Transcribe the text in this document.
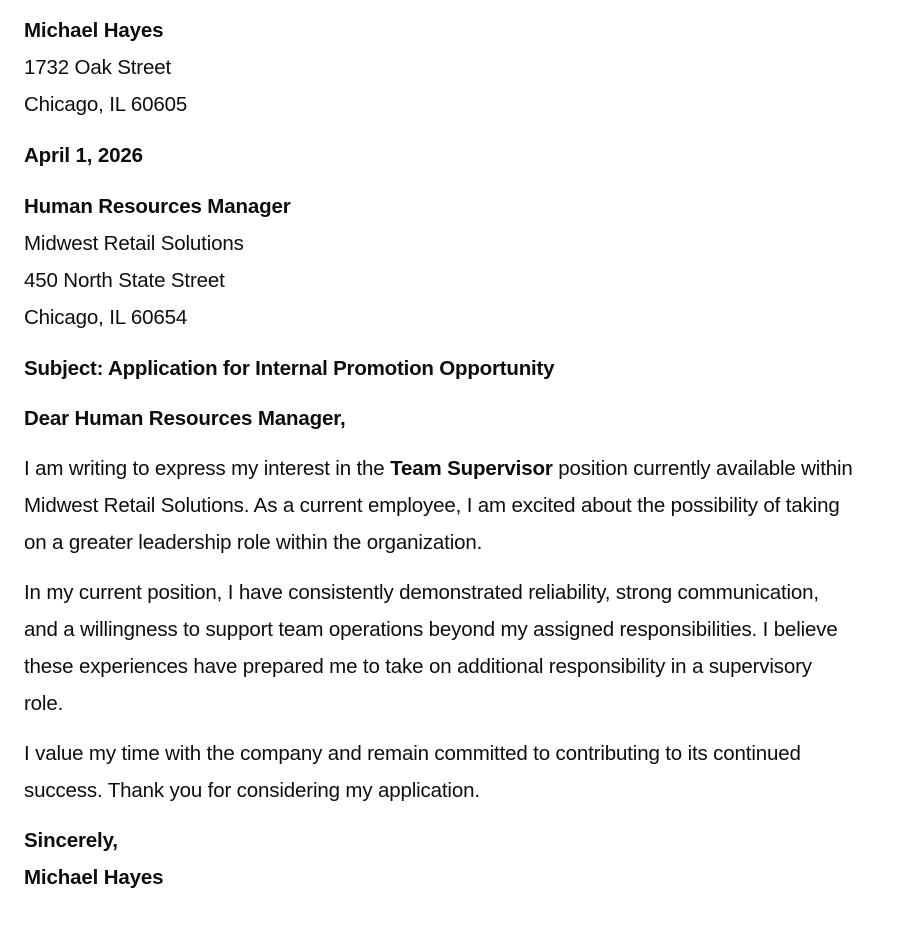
Michael Hayes
1732 Oak Street
Chicago, IL 60605
April 1, 2026
Human Resources Manager
Midwest Retail Solutions
450 North State Street
Chicago, IL 60654
Subject: Application for Internal Promotion Opportunity
Dear Human Resources Manager,

I am writing to express my interest in the Team Supervisor position currently available within Midwest Retail Solutions. As a current employee, I am excited about the possibility of taking on a greater leadership role within the organization.

In my current position, I have consistently demonstrated reliability, strong communication, and a willingness to support team operations beyond my assigned responsibilities. I believe these experiences have prepared me to take on additional responsibility in a supervisory role.

I value my time with the company and remain committed to contributing to its continued success. Thank you for considering my application.

Sincerely,
Michael Hayes
